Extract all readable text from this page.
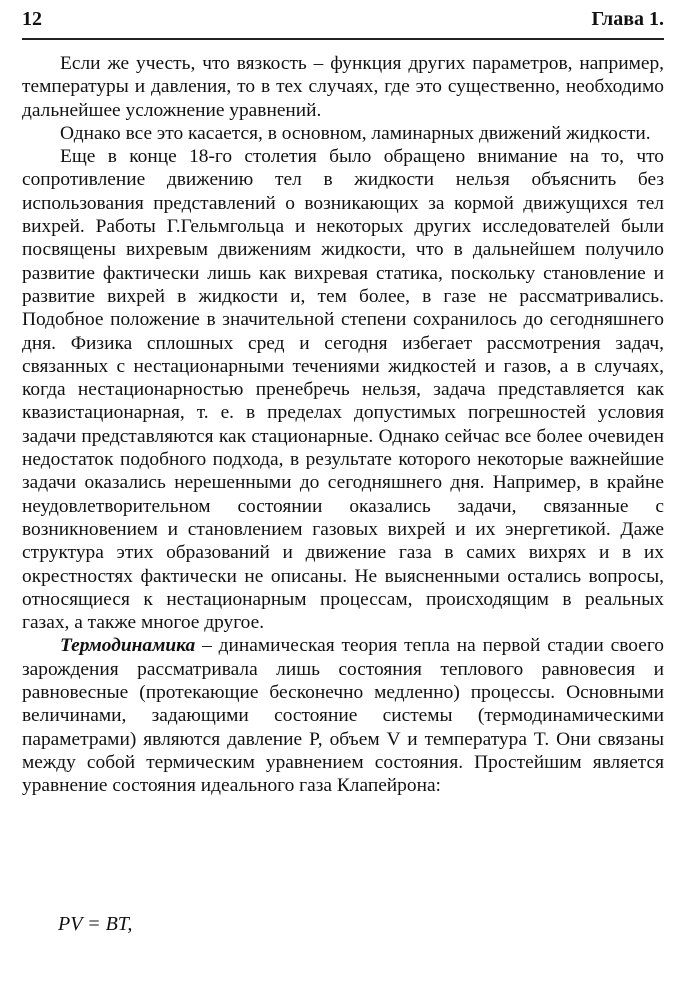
12	Глава 1.

Если же учесть, что вязкость – функция других параметров, например, температуры и давления, то в тех случаях, где это существенно, необходимо дальнейшее усложнение уравнений.

Однако все это касается, в основном, ламинарных движений жидкости.

Еще в конце 18-го столетия было обращено внимание на то, что сопротивление движению тел в жидкости нельзя объяснить без использования представлений о возникающих за кормой движущихся тел вихрей. Работы Г.Гельмгольца и некоторых других исследователей были посвящены вихревым движениям жидкости, что в дальнейшем получило развитие фактически лишь как вихревая статика, поскольку становление и развитие вихрей в жидкости и, тем более, в газе не рассматривались. Подобное положение в значительной степени сохранилось до сегодняшнего дня. Физика сплошных сред и сегодня избегает рассмотрения задач, связанных с нестационарными течениями жидкостей и газов, а в случаях, когда нестационарностью пренебречь нельзя, задача представляется как квазистационарная, т. е. в пределах допустимых погрешностей условия задачи представляются как стационарные. Однако сейчас все более очевиден недостаток подобного подхода, в результате которого некоторые важнейшие задачи оказались нерешенными до сегодняшнего дня. Например, в крайне неудовлетворительном состоянии оказались задачи, связанные с возникновением и становлением газовых вихрей и их энергетикой. Даже структура этих образований и движение газа в самих вихрях и в их окрестностях фактически не описаны. Не выясненными остались вопросы, относящиеся к нестационарным процессам, происходящим в реальных газах, а также многое другое.

Термодинамика – динамическая теория тепла на первой стадии своего зарождения рассматривала лишь состояния теплового равновесия и равновесные (протекающие бесконечно медленно) процессы. Основными величинами, задающими состояние системы (термодинамическими параметрами) являются давление P, объем V и температура T. Они связаны между собой термическим уравнением состояния. Простейшим является уравнение состояния идеального газа Клапейрона:

PV = BT,
